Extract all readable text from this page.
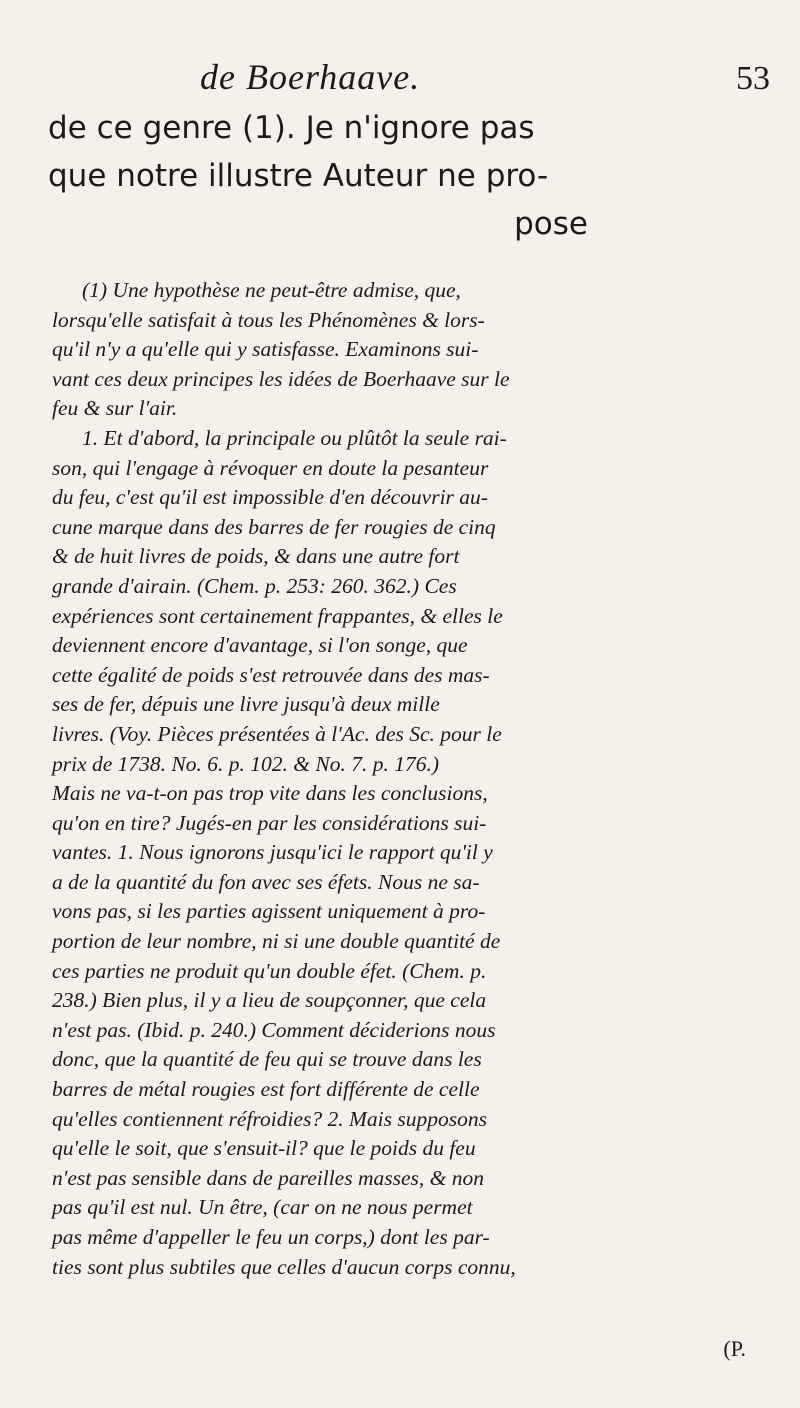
de Boerhaave.	53
de ce genre (1). Je n'ignore pas
que notre illustre Auteur ne pro-
pose
(1) Une hypothèse ne peut-être admise, que,
lorsqu'elle satisfait à tous les Phénomènes & lors-
qu'il n'y a qu'elle qui y satisfasse. Examinons sui-
vant ces deux principes les idées de Boerhaave sur le
feu & sur l'air.
1. Et d'abord, la principale ou plûtôt la seule rai-
son, qui l'engage à révoquer en doute la pesanteur
du feu, c'est qu'il est impossible d'en découvrir au-
cune marque dans des barres de fer rougies de cinq
& de huit livres de poids, & dans une autre fort
grande d'airain. (Chem. p. 253: 260. 362.) Ces
expériences sont certainement frappantes, & elles le
deviennent encore d'avantage, si l'on songe, que
cette égalité de poids s'est retrouvée dans des mas-
ses de fer, dépuis une livre jusqu'à deux mille
livres. (Voy. Pièces présentées à l'Ac. des Sc. pour le
prix de 1738. No. 6. p. 102. & No. 7. p. 176.)
Mais ne va-t-on pas trop vite dans les conclusions,
qu'on en tire? Jugés-en par les considérations sui-
vantes. 1. Nous ignorons jusqu'ici le rapport qu'il y
a de la quantité du fon avec ses éfets. Nous ne sa-
vons pas, si les parties agissent uniquement à pro-
portion de leur nombre, ni si une double quantité de
ces parties ne produit qu'un double éfet. (Chem. p.
238.) Bien plus, il y a lieu de soupçonner, que cela
n'est pas. (Ibid. p. 240.) Comment déciderions nous
donc, que la quantité de feu qui se trouve dans les
barres de métal rougies est fort différente de celle
qu'elles contiennent réfroidies? 2. Mais supposons
qu'elle le soit, que s'ensuit-il? que le poids du feu
n'est pas sensible dans de pareilles masses, & non
pas qu'il est nul. Un être, (car on ne nous permet
pas même d'appeller le feu un corps,) dont les par-
ties sont plus subtiles que celles d'aucun corps connu,
(P.
